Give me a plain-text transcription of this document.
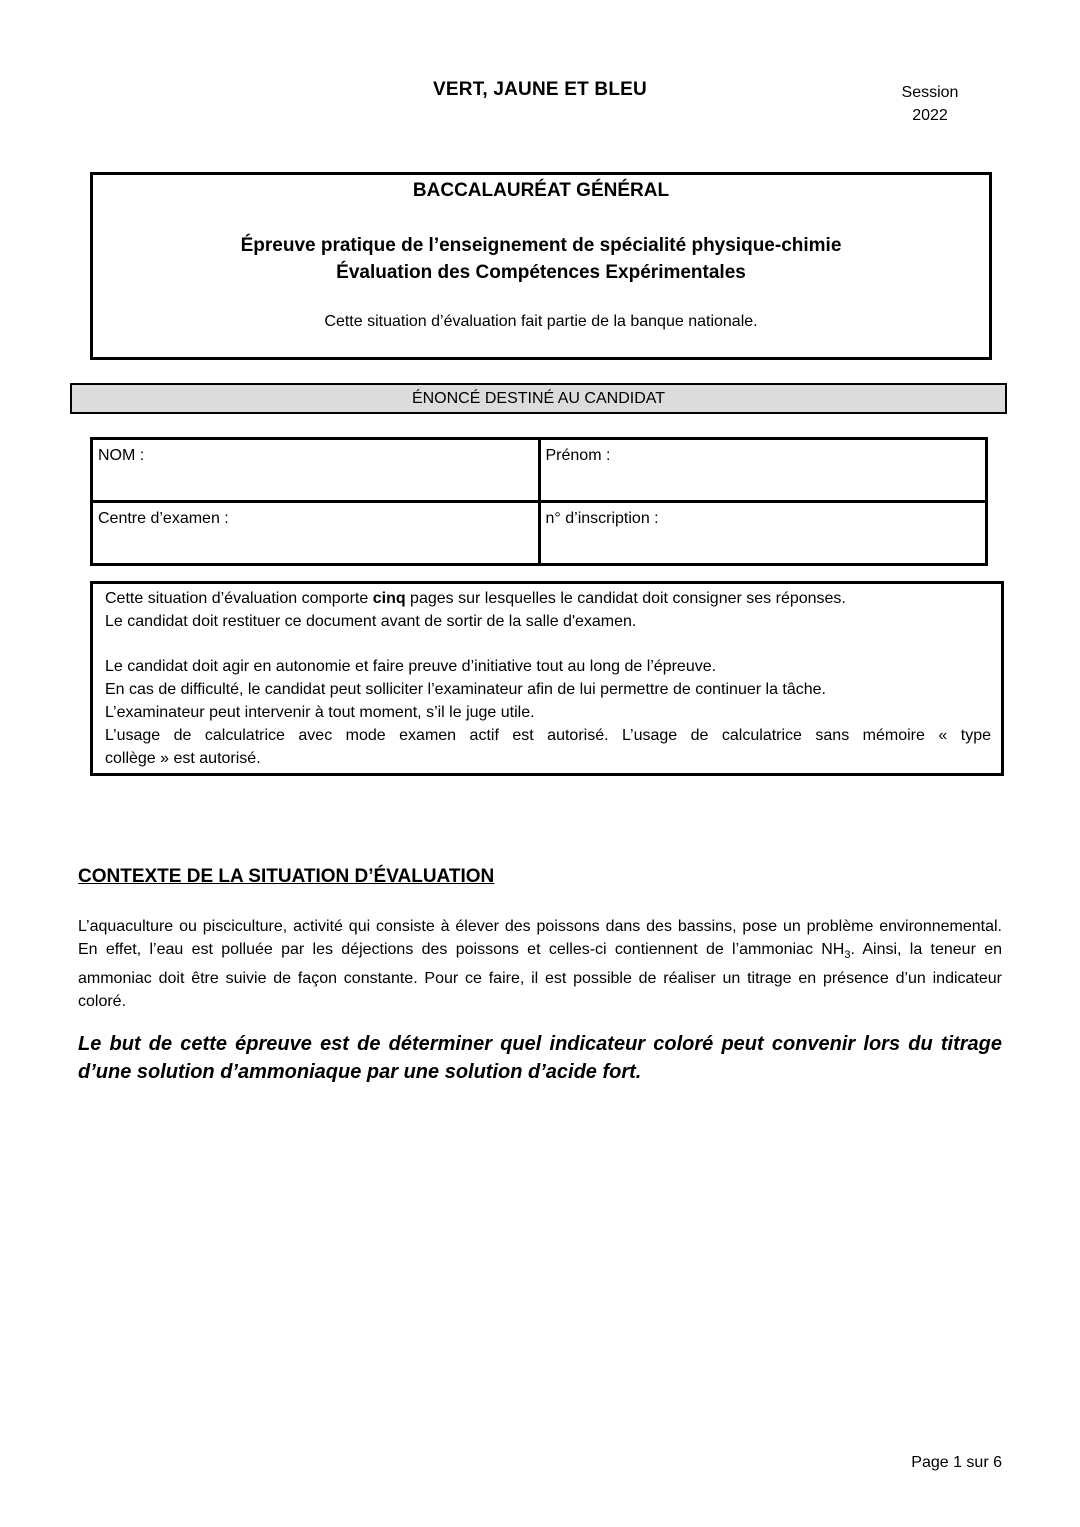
VERT, JAUNE ET BLEU	Session
2022
BACCALAURÉAT GÉNÉRAL
Épreuve pratique de l’enseignement de spécialité physique-chimie
Évaluation des Compétences Expérimentales
Cette situation d’évaluation fait partie de la banque nationale.
ÉNONCÉ DESTINÉ AU CANDIDAT
NOM :	Prénom :
Centre d’examen :	n° d’inscription :

Cette situation d’évaluation comporte cinq pages sur lesquelles le candidat doit consigner ses réponses.

Le candidat doit restituer ce document avant de sortir de la salle d'examen.

Le candidat doit agir en autonomie et faire preuve d’initiative tout au long de l’épreuve.

En cas de difficulté, le candidat peut solliciter l’examinateur afin de lui permettre de continuer la tâche.

L’examinateur peut intervenir à tout moment, s’il le juge utile.

L’usage de calculatrice avec mode examen actif est autorisé. L’usage de calculatrice sans mémoire « type

collège » est autorisé.

CONTEXTE DE LA SITUATION D’ÉVALUATION

L’aquaculture ou pisciculture, activité qui consiste à élever des poissons dans des bassins, pose un problème environnemental. En effet, l’eau est polluée par les déjections des poissons et celles-ci contiennent de l’ammoniac $NH_3$. Ainsi, la teneur en ammoniac doit être suivie de façon constante. Pour ce faire, il est possible de réaliser un titrage en présence d’un indicateur coloré.

Le but de cette épreuve est de déterminer quel indicateur coloré peut convenir lors du titrage d’une solution d’ammoniaque par une solution d’acide fort.

Page 1 sur 6
